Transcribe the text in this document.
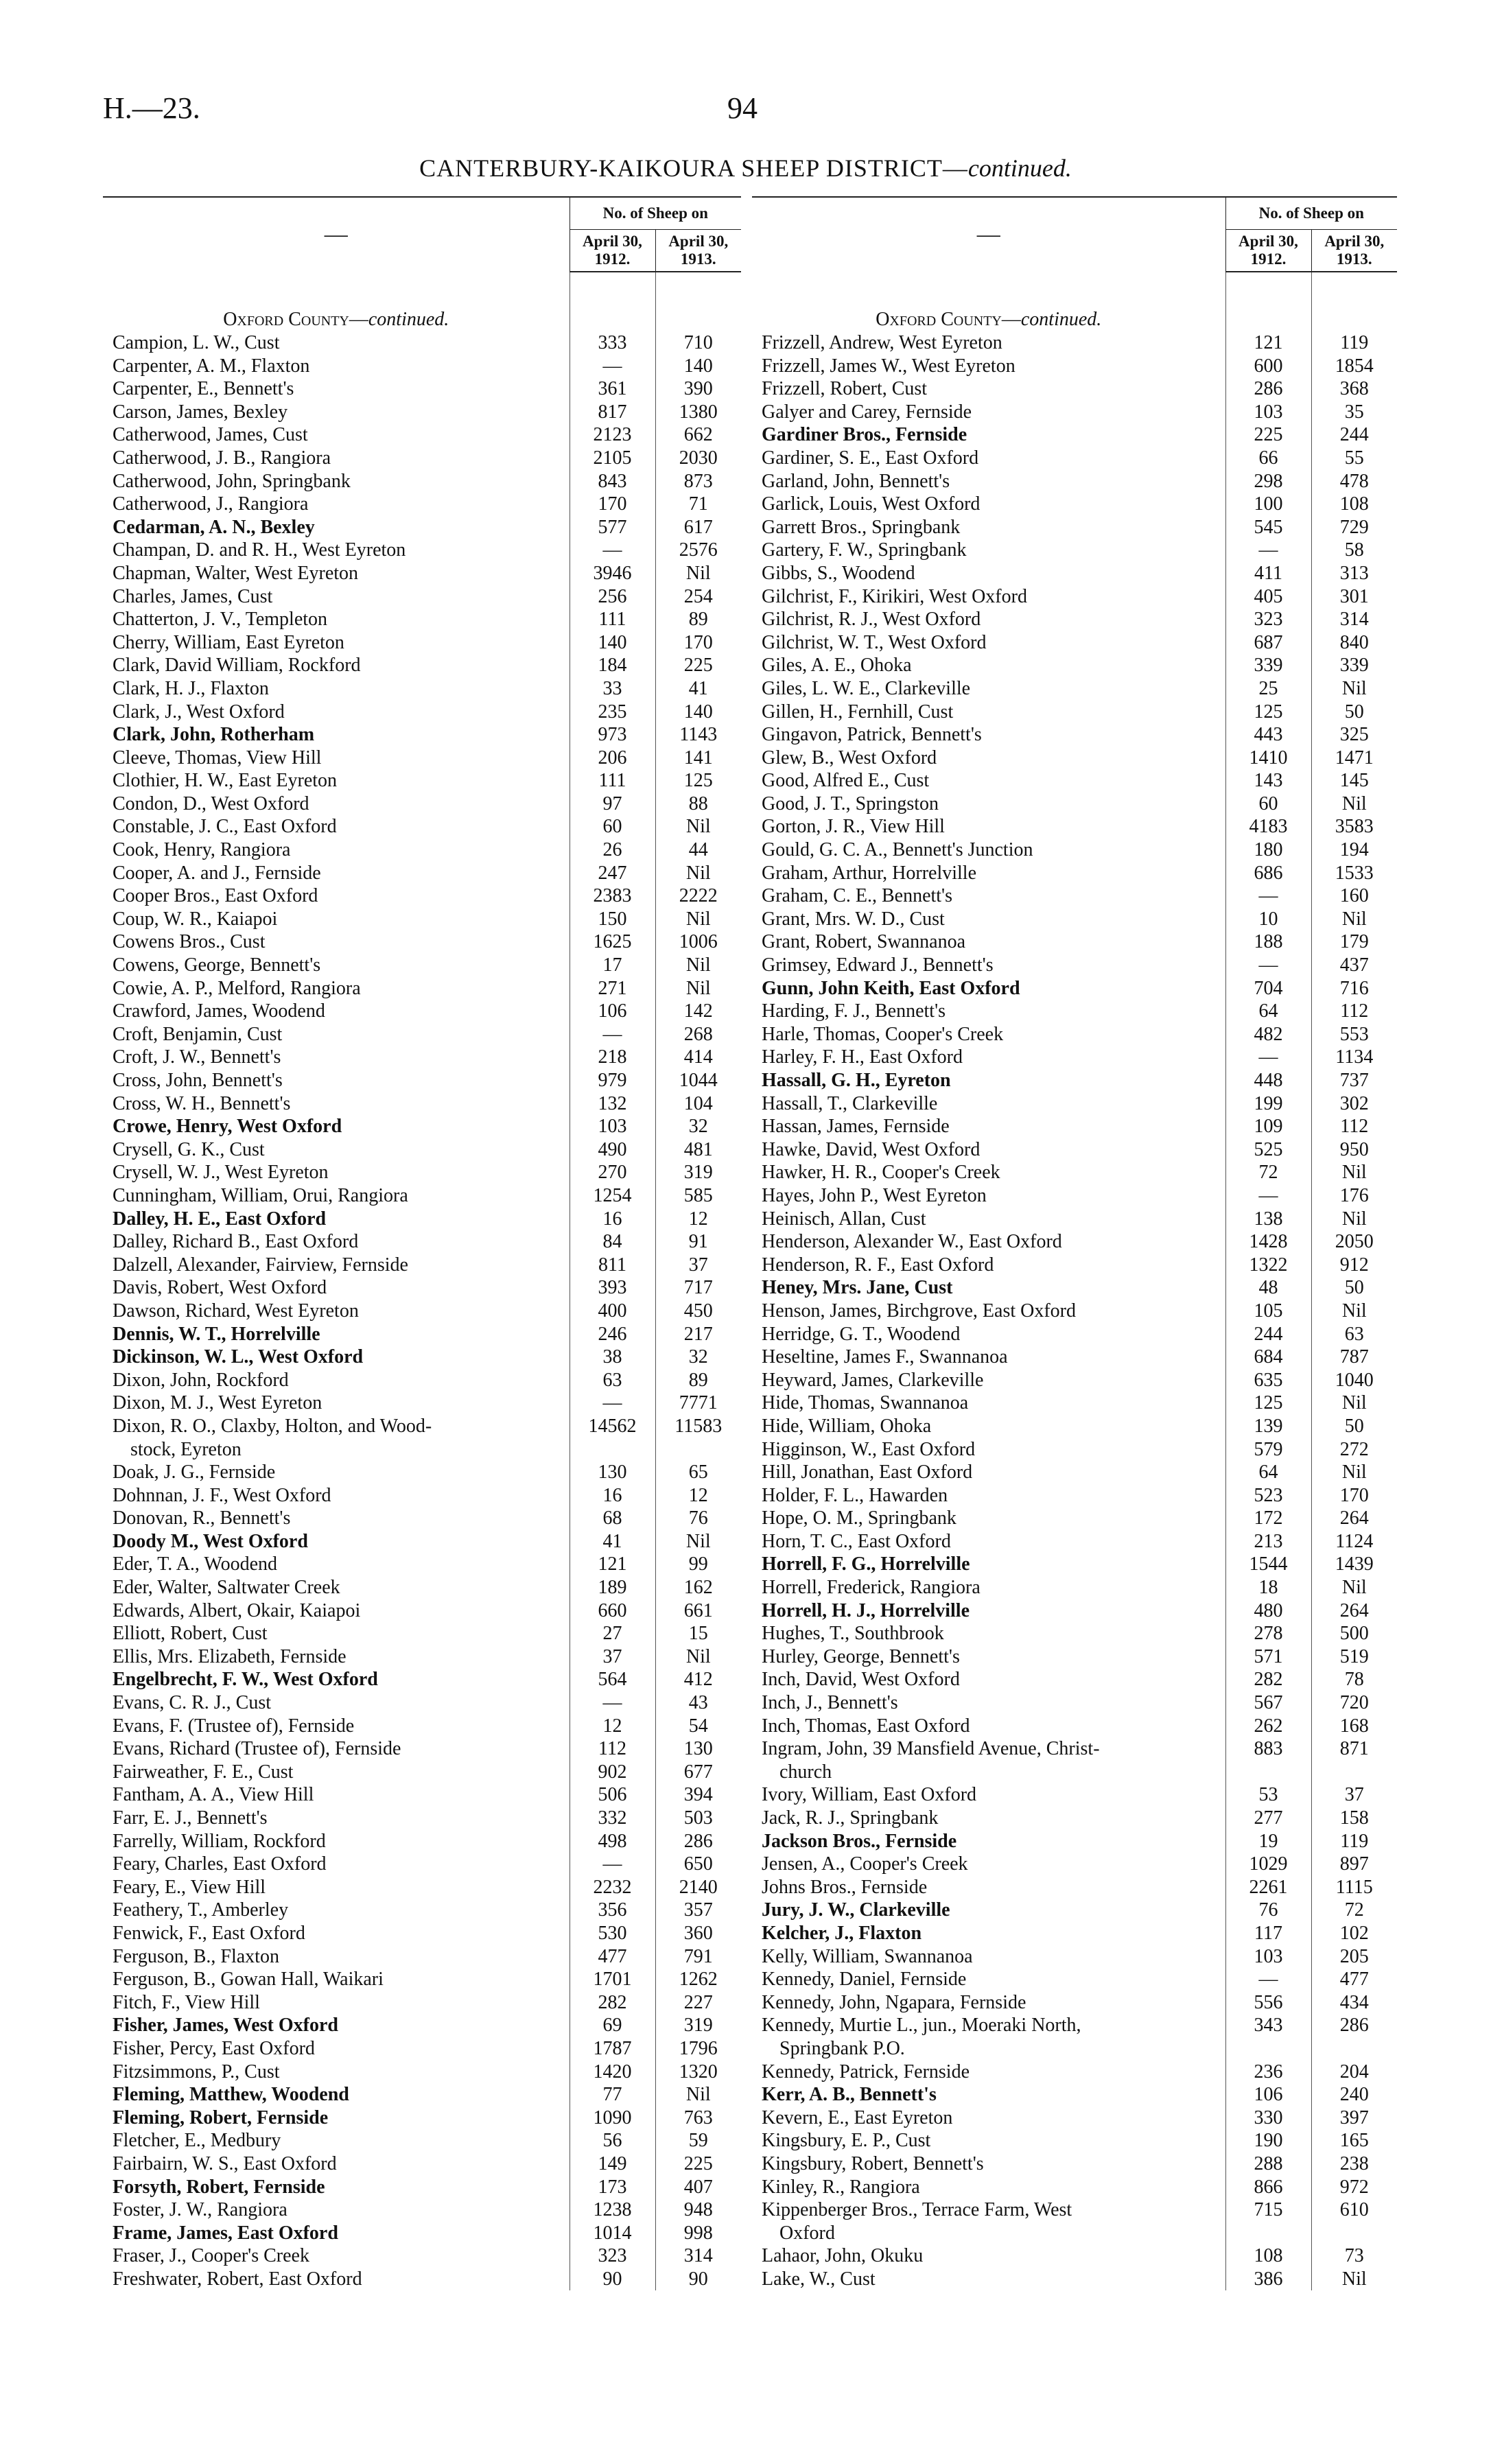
H.—23.	94
CANTERBURY-KAIKOURA SHEEP DISTRICT—continued.
—	No. of Sheep on	
	April 30, 1912.	April 30, 1913.

Oxford County—continued.		
Campion, L. W., Cust	333	710
Carpenter, A. M., Flaxton	—	140
Carpenter, E., Bennett's	361	390
Carson, James, Bexley	817	1380
Catherwood, James, Cust	2123	662
Catherwood, J. B., Rangiora	2105	2030
Catherwood, John, Springbank	843	873
Catherwood, J., Rangiora	170	71
Cedarman, A. N., Bexley	577	617
Champan, D. and R. H., West Eyreton	—	2576
Chapman, Walter, West Eyreton	3946	Nil
Charles, James, Cust	256	254
Chatterton, J. V., Templeton	111	89
Cherry, William, East Eyreton	140	170
Clark, David William, Rockford	184	225
Clark, H. J., Flaxton	33	41
Clark, J., West Oxford	235	140
Clark, John, Rotherham	973	1143
Cleeve, Thomas, View Hill	206	141
Clothier, H. W., East Eyreton	111	125
Condon, D., West Oxford	97	88
Constable, J. C., East Oxford	60	Nil
Cook, Henry, Rangiora	26	44
Cooper, A. and J., Fernside	247	Nil
Cooper Bros., East Oxford	2383	2222
Coup, W. R., Kaiapoi	150	Nil
Cowens Bros., Cust	1625	1006
Cowens, George, Bennett's	17	Nil
Cowie, A. P., Melford, Rangiora	271	Nil
Crawford, James, Woodend	106	142
Croft, Benjamin, Cust	—	268
Croft, J. W., Bennett's	218	414
Cross, John, Bennett's	979	1044
Cross, W. H., Bennett's	132	104
Crowe, Henry, West Oxford	103	32
Crysell, G. K., Cust	490	481
Crysell, W. J., West Eyreton	270	319
Cunningham, William, Orui, Rangiora	1254	585
Dalley, H. E., East Oxford	16	12
Dalley, Richard B., East Oxford	84	91
Dalzell, Alexander, Fairview, Fernside	811	37
Davis, Robert, West Oxford	393	717
Dawson, Richard, West Eyreton	400	450
Dennis, W. T., Horrelville	246	217
Dickinson, W. L., West Oxford	38	32
Dixon, John, Rockford	63	89
Dixon, M. J., West Eyreton	—	7771
Dixon, R. O., Claxby, Holton, and Wood-	14562	11583
stock, Eyreton		
Doak, J. G., Fernside	130	65
Dohnnan, J. F., West Oxford	16	12
Donovan, R., Bennett's	68	76
Doody M., West Oxford	41	Nil
Eder, T. A., Woodend	121	99
Eder, Walter, Saltwater Creek	189	162
Edwards, Albert, Okair, Kaiapoi	660	661
Elliott, Robert, Cust	27	15
Ellis, Mrs. Elizabeth, Fernside	37	Nil
Engelbrecht, F. W., West Oxford	564	412
Evans, C. R. J., Cust	—	43
Evans, F. (Trustee of), Fernside	12	54
Evans, Richard (Trustee of), Fernside	112	130
Fairweather, F. E., Cust	902	677
Fantham, A. A., View Hill	506	394
Farr, E. J., Bennett's	332	503
Farrelly, William, Rockford	498	286
Feary, Charles, East Oxford	—	650
Feary, E., View Hill	2232	2140
Feathery, T., Amberley	356	357
Fenwick, F., East Oxford	530	360
Ferguson, B., Flaxton	477	791
Ferguson, B., Gowan Hall, Waikari	1701	1262
Fitch, F., View Hill	282	227
Fisher, James, West Oxford	69	319
Fisher, Percy, East Oxford	1787	1796
Fitzsimmons, P., Cust	1420	1320
Fleming, Matthew, Woodend	77	Nil
Fleming, Robert, Fernside	1090	763
Fletcher, E., Medbury	56	59
Fairbairn, W. S., East Oxford	149	225
Forsyth, Robert, Fernside	173	407
Foster, J. W., Rangiora	1238	948
Frame, James, East Oxford	1014	998
Fraser, J., Cooper's Creek	323	314
Freshwater, Robert, East Oxford	90	90
—	No. of Sheep on	
	April 30, 1912.	April 30, 1913.

Oxford County—continued.		
Frizzell, Andrew, West Eyreton	121	119
Frizzell, James W., West Eyreton	600	1854
Frizzell, Robert, Cust	286	368
Galyer and Carey, Fernside	103	35
Gardiner Bros., Fernside	225	244
Gardiner, S. E., East Oxford	66	55
Garland, John, Bennett's	298	478
Garlick, Louis, West Oxford	100	108
Garrett Bros., Springbank	545	729
Gartery, F. W., Springbank	—	58
Gibbs, S., Woodend	411	313
Gilchrist, F., Kirikiri, West Oxford	405	301
Gilchrist, R. J., West Oxford	323	314
Gilchrist, W. T., West Oxford	687	840
Giles, A. E., Ohoka	339	339
Giles, L. W. E., Clarkeville	25	Nil
Gillen, H., Fernhill, Cust	125	50
Gingavon, Patrick, Bennett's	443	325
Glew, B., West Oxford	1410	1471
Good, Alfred E., Cust	143	145
Good, J. T., Springston	60	Nil
Gorton, J. R., View Hill	4183	3583
Gould, G. C. A., Bennett's Junction	180	194
Graham, Arthur, Horrelville	686	1533
Graham, C. E., Bennett's	—	160
Grant, Mrs. W. D., Cust	10	Nil
Grant, Robert, Swannanoa	188	179
Grimsey, Edward J., Bennett's	—	437
Gunn, John Keith, East Oxford	704	716
Harding, F. J., Bennett's	64	112
Harle, Thomas, Cooper's Creek	482	553
Harley, F. H., East Oxford	—	1134
Hassall, G. H., Eyreton	448	737
Hassall, T., Clarkeville	199	302
Hassan, James, Fernside	109	112
Hawke, David, West Oxford	525	950
Hawker, H. R., Cooper's Creek	72	Nil
Hayes, John P., West Eyreton	—	176
Heinisch, Allan, Cust	138	Nil
Henderson, Alexander W., East Oxford	1428	2050
Henderson, R. F., East Oxford	1322	912
Heney, Mrs. Jane, Cust	48	50
Henson, James, Birchgrove, East Oxford	105	Nil
Herridge, G. T., Woodend	244	63
Heseltine, James F., Swannanoa	684	787
Heyward, James, Clarkeville	635	1040
Hide, Thomas, Swannanoa	125	Nil
Hide, William, Ohoka	139	50
Higginson, W., East Oxford	579	272
Hill, Jonathan, East Oxford	64	Nil
Holder, F. L., Hawarden	523	170
Hope, O. M., Springbank	172	264
Horn, T. C., East Oxford	213	1124
Horrell, F. G., Horrelville	1544	1439
Horrell, Frederick, Rangiora	18	Nil
Horrell, H. J., Horrelville	480	264
Hughes, T., Southbrook	278	500
Hurley, George, Bennett's	571	519
Inch, David, West Oxford	282	78
Inch, J., Bennett's	567	720
Inch, Thomas, East Oxford	262	168
Ingram, John, 39 Mansfield Avenue, Christ-	883	871
church		
Ivory, William, East Oxford	53	37
Jack, R. J., Springbank	277	158
Jackson Bros., Fernside	19	119
Jensen, A., Cooper's Creek	1029	897
Johns Bros., Fernside	2261	1115
Jury, J. W., Clarkeville	76	72
Kelcher, J., Flaxton	117	102
Kelly, William, Swannanoa	103	205
Kennedy, Daniel, Fernside	—	477
Kennedy, John, Ngapara, Fernside	556	434
Kennedy, Murtie L., jun., Moeraki North,	343	286
Springbank P.O.		
Kennedy, Patrick, Fernside	236	204
Kerr, A. B., Bennett's	106	240
Kevern, E., East Eyreton	330	397
Kingsbury, E. P., Cust	190	165
Kingsbury, Robert, Bennett's	288	238
Kinley, R., Rangiora	866	972
Kippenberger Bros., Terrace Farm, West	715	610
Oxford		
Lahaor, John, Okuku	108	73
Lake, W., Cust	386	Nil
